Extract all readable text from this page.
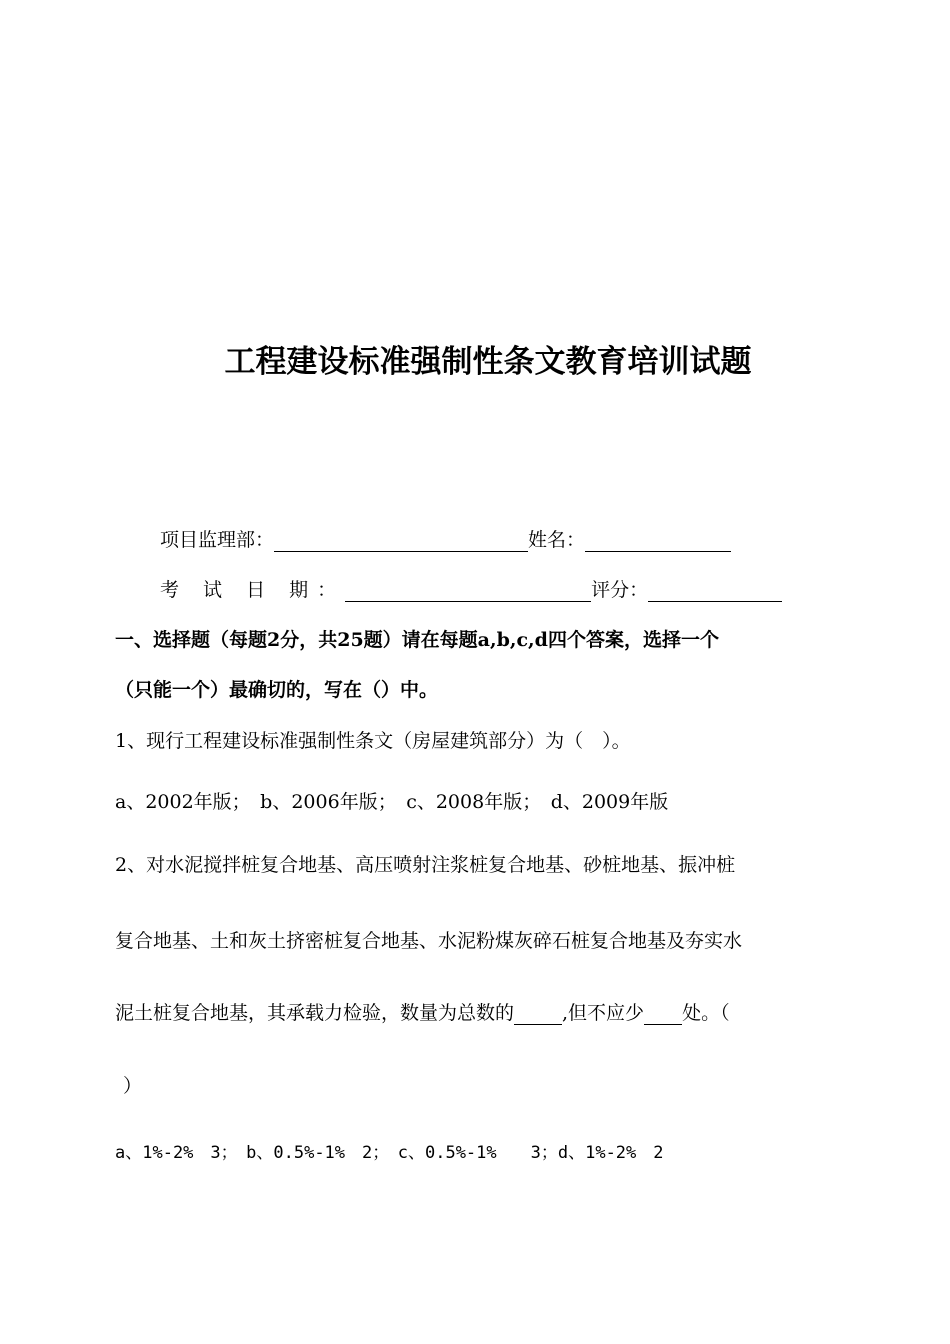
工程建设标准强制性条文教育培训试题
项目监理部：	姓名：
考 试 日 期：	评分：
一、选择题（每题2分，共25题）请在每题a,b,c,d四个答案，选择一个
（只能一个）最确切的，写在（）中。
1、现行工程建设标准强制性条文（房屋建筑部分）为（　）。
a、2002年版；　b、2006年版；　c、2008年版；　d、2009年版
2、对水泥搅拌桩复合地基、高压喷射注浆桩复合地基、砂桩地基、振冲桩
复合地基、土和灰土挤密桩复合地基、水泥粉煤灰碎石桩复合地基及夯实水
泥土桩复合地基，其承载力检验，数量为总数的	,但不应少 处。（
）
a、1%-2%　3；　b、0.5%-1%　2；　c、0.5%-1%　　3；d、1%-2%　2
